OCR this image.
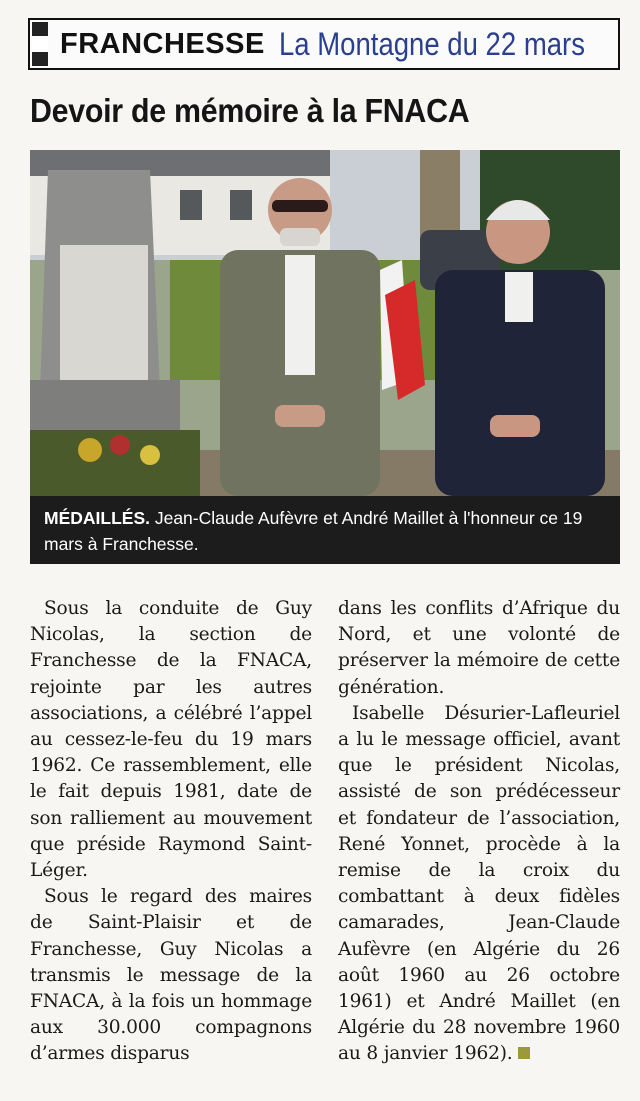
FRANCHESSE La Montagne du 22 mars
Devoir de mémoire à la FNACA
MÉDAILLÉS. Jean-Claude Aufèvre et André Maillet à l'honneur ce 19 mars à Franchesse.

Sous la conduite de Guy Nicolas, la section de Franchesse de la FNACA, rejointe par les autres associations, a célébré l’appel au cessez-le-feu du 19 mars 1962. Ce rassemblement, elle le fait depuis 1981, date de son ralliement au mouvement que préside Raymond Saint-Léger.

Sous le regard des maires de Saint-Plaisir et de Franchesse, Guy Nicolas a transmis le message de la FNACA, à la fois un hommage aux 30.000 compagnons d’armes disparus

dans les conflits d’Afrique du Nord, et une volonté de préserver la mémoire de cette génération.

Isabelle Désurier-Lafleuriel a lu le message officiel, avant que le président Nicolas, assisté de son prédécesseur et fondateur de l’association, René Yonnet, procède à la remise de la croix du combattant à deux fidèles camarades, Jean-Claude Aufèvre (en Algérie du 26 août 1960 au 26 octobre 1961) et André Maillet (en Algérie du 28 novembre 1960 au 8 janvier 1962).
